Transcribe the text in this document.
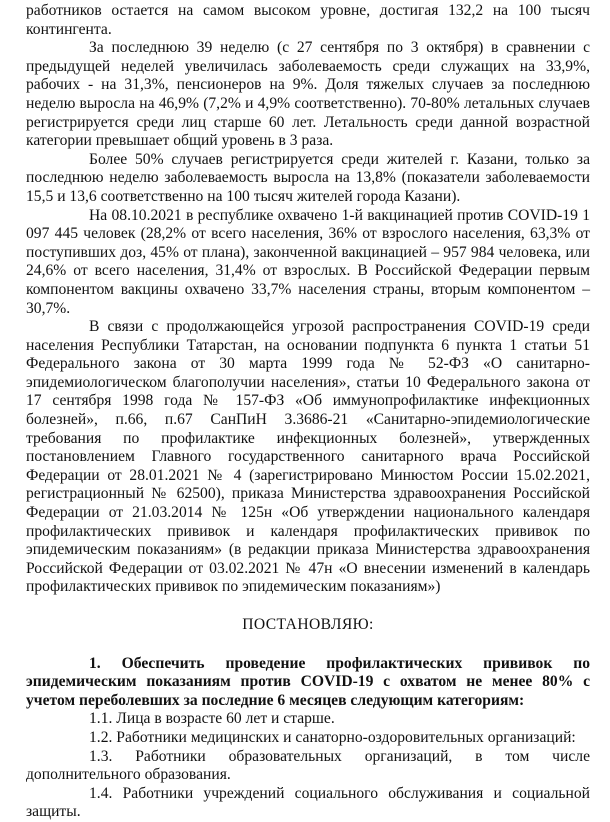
работников остается на самом высоком уровне, достигая 132,2 на 100 тысяч контингента.

За последнюю 39 неделю (с 27 сентября по 3 октября) в сравнении с предыдущей неделей увеличилась заболеваемость среди служащих на 33,9%, рабочих - на 31,3%, пенсионеров на 9%. Доля тяжелых случаев за последнюю неделю выросла на 46,9% (7,2% и 4,9% соответственно). 70-80% летальных случаев регистрируется среди лиц старше 60 лет. Летальность среди данной возрастной категории превышает общий уровень в 3 раза.

Более 50% случаев регистрируется среди жителей г. Казани, только за последнюю неделю заболеваемость выросла на 13,8% (показатели заболеваемости 15,5 и 13,6 соответственно на 100 тысяч жителей города Казани).

На 08.10.2021 в республике охвачено 1-й вакцинацией против COVID-19 1 097 445 человек (28,2% от всего населения, 36% от взрослого населения, 63,3% от поступивших доз, 45% от плана), законченной вакцинацией – 957 984 человека, или 24,6% от всего населения, 31,4% от взрослых. В Российской Федерации первым компонентом вакцины охвачено 33,7% населения страны, вторым компонентом – 30,7%.

В связи с продолжающейся угрозой распространения COVID-19 среди населения Республики Татарстан, на основании подпункта 6 пункта 1 статьи 51 Федерального закона от 30 марта 1999 года № 52-ФЗ «О санитарно-эпидемиологическом благополучии населения», статьи 10 Федерального закона от 17 сентября 1998 года № 157-ФЗ «Об иммунопрофилактике инфекционных болезней», п.66, п.67 СанПиН 3.3686-21 «Санитарно-эпидемиологические требования по профилактике инфекционных болезней», утвержденных постановлением Главного государственного санитарного врача Российской Федерации от 28.01.2021 № 4 (зарегистрировано Минюстом России 15.02.2021, регистрационный № 62500), приказа Министерства здравоохранения Российской Федерации от 21.03.2014 № 125н «Об утверждении национального календаря профилактических прививок и календаря профилактических прививок по эпидемическим показаниям» (в редакции приказа Министерства здравоохранения Российской Федерации от 03.02.2021 № 47н «О внесении изменений в календарь профилактических прививок по эпидемическим показаниям»)

ПОСТАНОВЛЯЮ:

1. Обеспечить проведение профилактических прививок по эпидемическим показаниям против COVID-19 с охватом не менее 80% с учетом переболевших за последние 6 месяцев следующим категориям:

1.1. Лица в возрасте 60 лет и старше.

1.2. Работники медицинских и санаторно-оздоровительных организаций:

1.3. Работники образовательных организаций, в том числе дополнительного образования.

1.4. Работники учреждений социального обслуживания и социальной защиты.
